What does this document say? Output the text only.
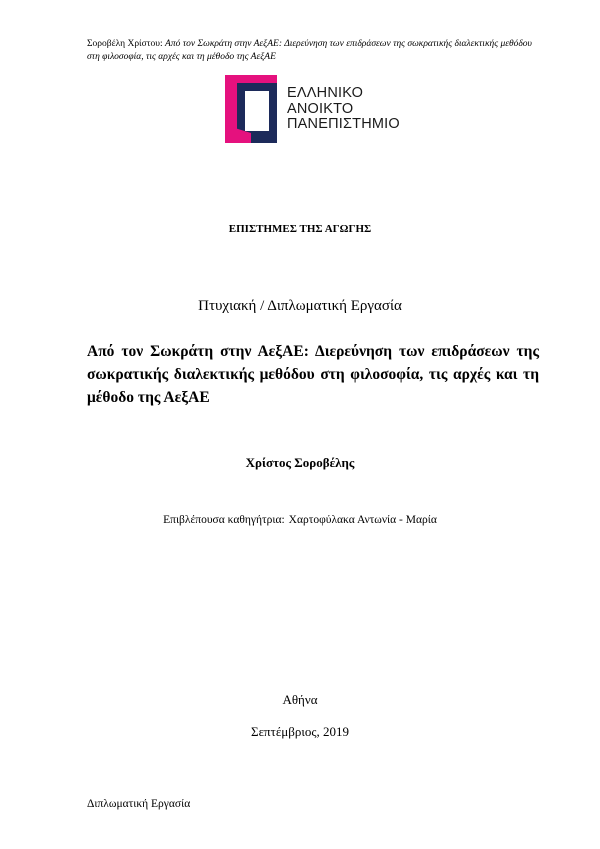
Σοροβέλη Χρίστου: Από τον Σωκράτη στην ΑεξΑΕ: Διερεύνηση των επιδράσεων της σωκρατικής διαλεκτικής μεθόδου στη φιλοσοφία, τις αρχές και τη μέθοδο της ΑεξΑΕ
ΕΛΛΗΝΙΚΟ
ΑΝΟΙΚΤΟ
ΠΑΝΕΠΙΣΤΗΜΙΟ
ΕΠΙΣΤΗΜΕΣ ΤΗΣ ΑΓΩΓΗΣ
Πτυχιακή / Διπλωματική Εργασία
Από τον Σωκράτη στην ΑεξΑΕ: Διερεύνηση των επιδράσεων της σωκρατικής διαλεκτικής μεθόδου στη φιλοσοφία, τις αρχές και τη μέθοδο της ΑεξΑΕ
Χρίστος Σοροβέλης
Επιβλέπουσα καθηγήτρια: Χαρτοφύλακα Αντωνία - Μαρία
Αθήνα
Σεπτέμβριος, 2019
Διπλωματική Εργασία
